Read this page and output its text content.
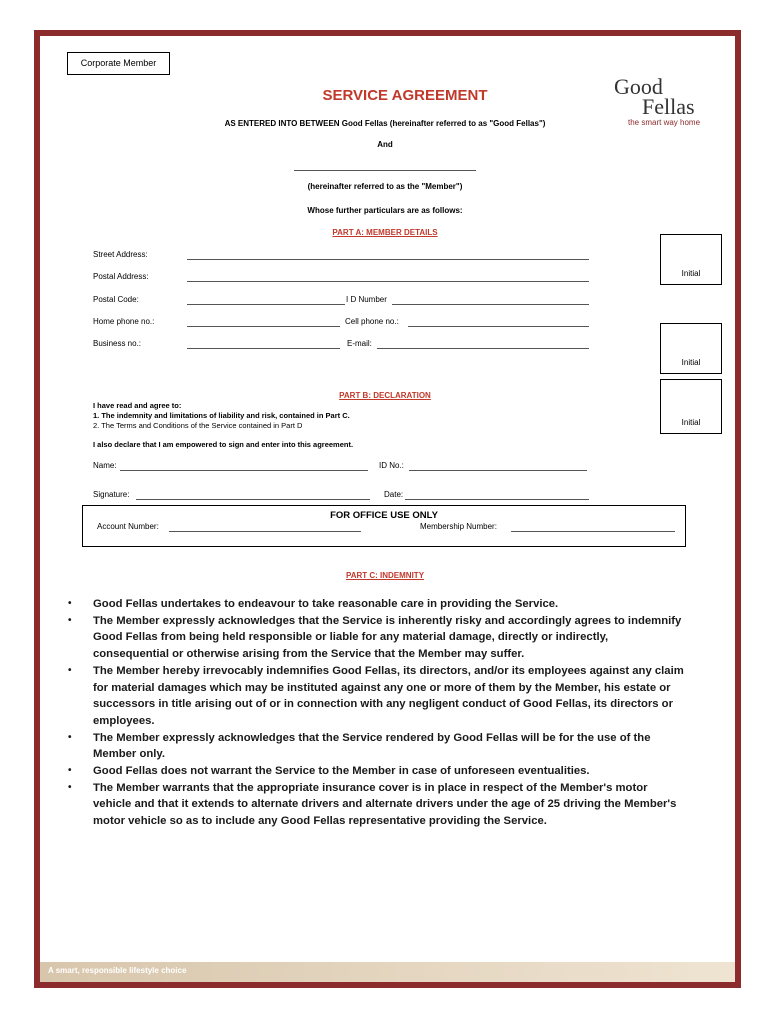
Corporate Member
Good
Fellas
the smart way home
SERVICE AGREEMENT
AS ENTERED INTO BETWEEN Good Fellas (hereinafter referred to as "Good Fellas")
And
(hereinafter referred to as the "Member")
Whose further particulars are as follows:
PART A: MEMBER DETAILS
Street Address:
Postal Address:
Postal Code:	I D Number
Home phone no.:	Cell phone no.:
Business no.:	E-mail:
Initial
Initial
Initial
PART B: DECLARATION
I have read and agree to:
1. The indemnity and limitations of liability and risk, contained in Part C.
2. The Terms and Conditions of the Service contained in Part D
I also declare that I am empowered to sign and enter into this agreement.
Name:	ID No.:
Signature:	Date:
FOR OFFICE USE ONLY
Account Number:	Membership Number:
PART C: INDEMNITY
• Good Fellas undertakes to endeavour to take reasonable care in providing the Service.
• The Member expressly acknowledges that the Service is inherently risky and accordingly agrees to indemnify Good Fellas from being held responsible or liable for any material damage, directly or indirectly, consequential or otherwise arising from the Service that the Member may suffer.
• The Member hereby irrevocably indemnifies Good Fellas, its directors, and/or its employees against any claim for material damages which may be instituted against any one or more of them by the Member, his estate or successors in title arising out of or in connection with any negligent conduct of Good Fellas, its directors or employees.
• The Member expressly acknowledges that the Service rendered by Good Fellas will be for the use of the Member only.
• Good Fellas does not warrant the Service to the Member in case of unforeseen eventualities.
• The Member warrants that the appropriate insurance cover is in place in respect of the Member's motor vehicle and that it extends to alternate drivers and alternate drivers under the age of 25 driving the Member's motor vehicle so as to include any Good Fellas representative providing the Service.
A smart, responsible lifestyle choice
